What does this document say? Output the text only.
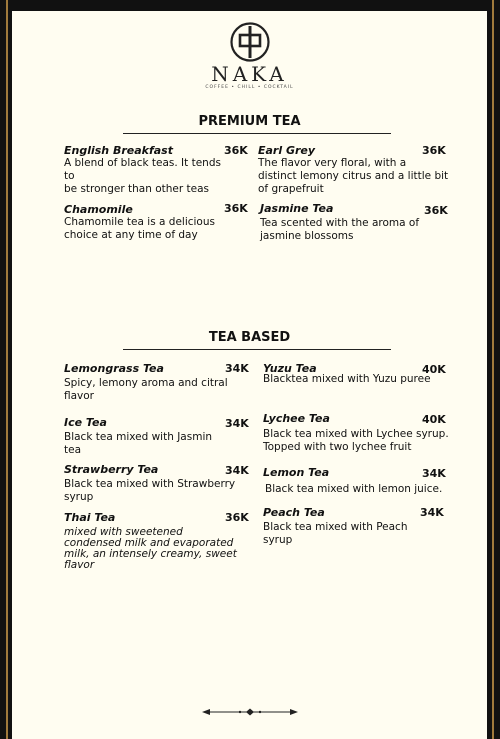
NAKA
COFFEE • CHILL • COCKTAIL
PREMIUM TEA
English Breakfast
A blend of black teas. It tends to
be stronger than other teas
36K Earl Grey
The flavor very floral, with a
distinct lemony citrus and a little bit
of grapefruit
36K
Chamomile
Chamomile tea is a delicious
choice at any time of day
36K Jasmine Tea
Tea scented with the aroma of
jasmine blossoms
36K
TEA BASED
Lemongrass Tea
Spicy, lemony aroma and citral
flavor
34K Yuzu Tea
Blacktea mixed with Yuzu puree
40K
Ice Tea
Black tea mixed with Jasmin
tea
34K Lychee Tea
Black tea mixed with Lychee syrup.
Topped with two lychee fruit
40K
Strawberry Tea
Black tea mixed with Strawberry
syrup
34K Lemon Tea
Black tea mixed with lemon juice.
34K
Thai Tea
mixed with sweetened
condensed milk and evaporated
milk, an intensely creamy, sweet
flavor
36K Peach Tea
Black tea mixed with Peach
syrup
34K
